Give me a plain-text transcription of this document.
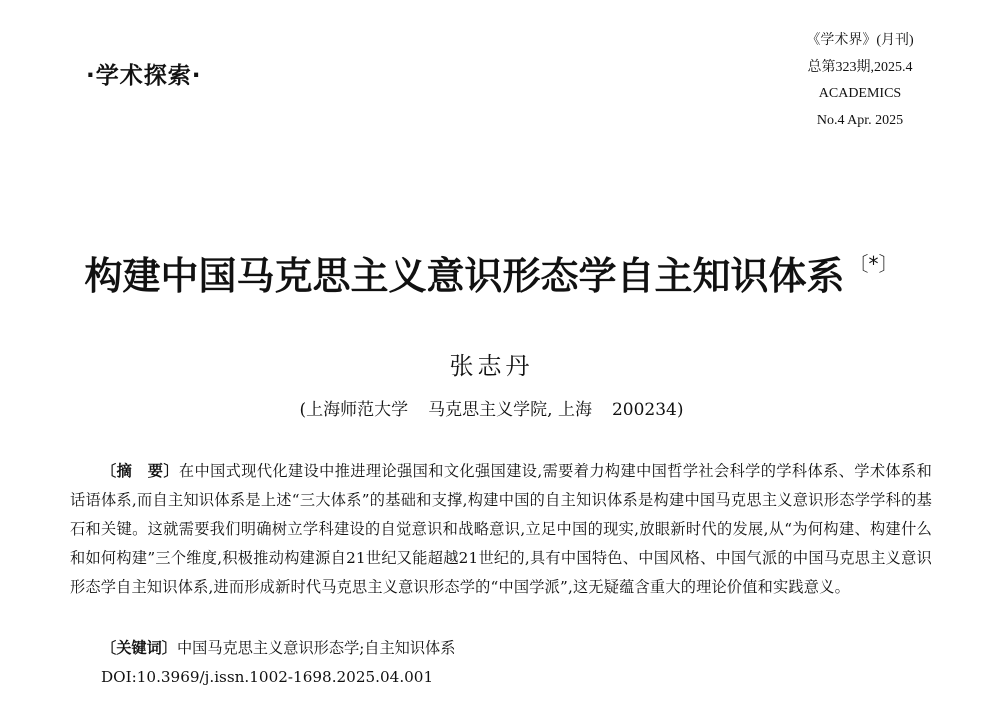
·学术探索·
《学术界》(月刊)
总第323期,2025.4
ACADEMICS
No.4 Apr. 2025
构建中国马克思主义意识形态学自主知识体系 〔*〕
张志丹
(上海师范大学 马克思主义学院, 上海 200234)
〔摘　要〕在中国式现代化建设中推进理论强国和文化强国建设,需要着力构建中国哲学社会科学的学科体系、学术体系和话语体系,而自主知识体系是上述“三大体系”的基础和支撑,构建中国的自主知识体系是构建中国马克思主义意识形态学学科的基石和关键。这就需要我们明确树立学科建设的自觉意识和战略意识,立足中国的现实,放眼新时代的发展,从“为何构建、构建什么和如何构建”三个维度,积极推动构建源自21世纪又能超越21世纪的,具有中国特色、中国风格、中国气派的中国马克思主义意识形态学自主知识体系,进而形成新时代马克思主义意识形态学的“中国学派”,这无疑蕴含重大的理论价值和实践意义。
〔关键词〕中国马克思主义意识形态学;自主知识体系
DOI:10.3969/j.issn.1002-1698.2025.04.001
